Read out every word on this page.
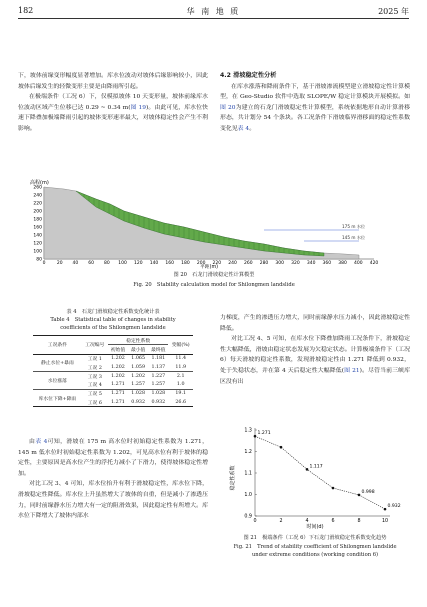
182	华 南 地 质	2025 年

下，坡体前缘变形幅度显著增加。库水位波动对坡体后缘影响较小，因此坡体后缘发生的轻微变形主要是由降雨所引起。

在极端条件（工况 6）下，仅模拟坡体 10 天变形量，坡体前缘库水位波动区域产生位移已达 0.29 ~ 0.34 m(图 19)。由此可见，库水位快速下降叠加极端降雨引起的坡体变形速率最大，对坡体稳定性会产生不利影响。

4.2 滑坡稳定性分析

在库水涨落和降雨条件下，基于滑坡渗流模型建立滑坡稳定性计算模型，在 Geo-Studio 软件中选取 SLOPE/W 稳定计算模块开展模拟。如图 20为建立的石龙门滑坡稳定性计算模型，系统依据地形自动计算滑移形态，共计划分 54 个条块。各工况条件下滑坡临界滑移面的稳定性系数变化见表 4。

高程(m)
260
240
220
200
180
160
140
120
100
80
0	20 40 60 80 100 120 140 160 180 200 220 240 260 280 300 320 340 360 380 400 420
175 m 水位
145 m 水位
平距(m)
图 20　石龙门滑坡稳定性计算模型
Fig. 20　Stability calculation model for Shilongmen landslide
表 4　石龙门滑坡稳定性系数变化统计表
Table 4　Statistical table of changes in stability
coefficients of the Shilongmen landslide
工况条件	工况编号	稳定性系数			变幅(%)
		初始值	最小值	最终值	
静止水位+暴雨	工况 1	1.202	1.065	1.181	11.4
	工况 2	1.202	1.059	1.137	11.9
水位涨落	工况 3	1.202	1.202	1.227	2.1
	工况 4	1.271	1.257	1.257	1.0
库水位下降+降雨	工况 5	1.271	1.028	1.028	19.1
	工况 6	1.271	0.932	0.932	26.6

由表 4可知，滑坡在 175 m 高水位时初始稳定性系数为 1.271，145 m 低水位时初始稳定性系数为 1.202，可见高水位有利于坡体的稳定性，主要原因是高水位产生的浮托力减小了下滑力，使得坡体稳定性增加。

对比工况 3、4 可知，库水位抬升有利于滑坡稳定性，库水位下降，滑坡稳定性降低。库水位上升虽然增大了坡体的自重，但是减小了渗透压力，同时前缘静水压力增大有一定的阻滑效果，因此稳定性有所增大。库水位下降增大了坡体内部水

力梯度，产生的渗透压力增大，同时前缘静水压力减小，因此滑坡稳定性降低。

对比工况 4、5 可知，在库水位下降叠加降雨工况条件下，滑坡稳定性大幅降低，滑坡由稳定状态发展为欠稳定状态。计算极端条件下（工况 6）每天滑坡的稳定性系数，发现滑坡稳定性由 1.271 降低到 0.932，处于失稳状态，并在第 4 天后稳定性大幅降低(图 21)。尽管当前三峡库区没有出

稳定性系数
时间(d)
1.3
1.2
1.1
1.0
0.9
0	2	4	6	8	10
1.271
1.117
0.998
0.932
图 21　极端条件（工况 6）下石龙门滑坡稳定性系数变化趋势
Fig. 21　Trend of stability coefficient of Shilongmen landslide
under extreme conditions (working condition 6)
